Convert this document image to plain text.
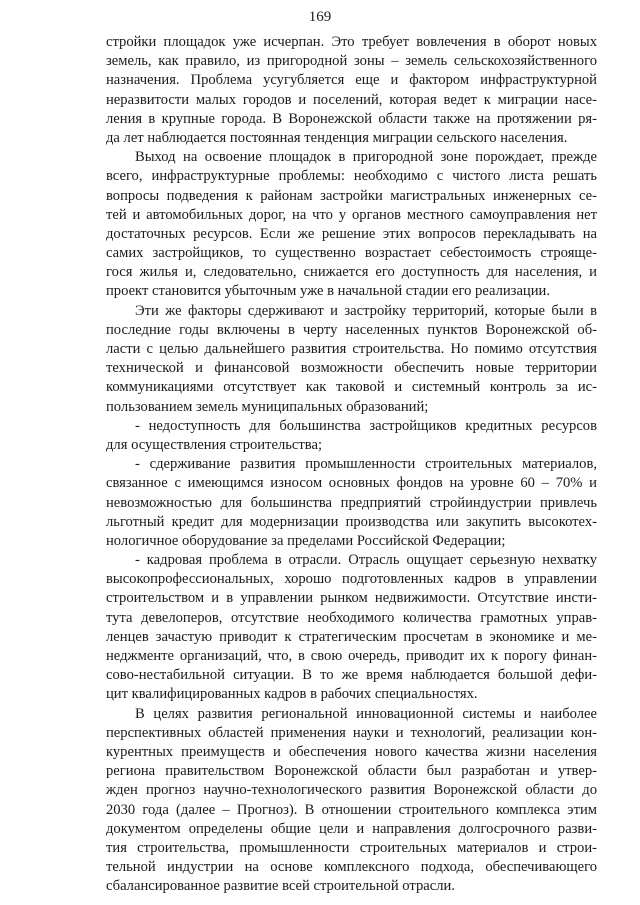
169
стройки площадок уже исчерпан. Это требует вовлечения в оборот новых
земель, как правило, из пригородной зоны – земель сельскохозяйственного
назначения. Проблема усугубляется еще и фактором инфраструктурной
неразвитости малых городов и поселений, которая ведет к миграции насе-
ления в крупные города. В Воронежской области также на протяжении ря-
да лет наблюдается постоянная тенденция миграции сельского населения.
Выход на освоение площадок в пригородной зоне порождает, прежде
всего, инфраструктурные проблемы: необходимо с чистого листа решать
вопросы подведения к районам застройки магистральных инженерных се-
тей и автомобильных дорог, на что у органов местного самоуправления нет
достаточных ресурсов. Если же решение этих вопросов перекладывать на
самих застройщиков, то существенно возрастает себестоимость строяще-
гося жилья и, следовательно, снижается его доступность для населения, и
проект становится убыточным уже в начальной стадии его реализации.
Эти же факторы сдерживают и застройку территорий, которые были в
последние годы включены в черту населенных пунктов Воронежской об-
ласти с целью дальнейшего развития строительства. Но помимо отсутствия
технической и финансовой возможности обеспечить новые территории
коммуникациями отсутствует как таковой и системный контроль за ис-
пользованием земель муниципальных образований;
- недоступность для большинства застройщиков кредитных ресурсов
для осуществления строительства;
- сдерживание развития промышленности строительных материалов,
связанное с имеющимся износом основных фондов на уровне 60 – 70% и
невозможностью для большинства предприятий стройиндустрии привлечь
льготный кредит для модернизации производства или закупить высокотех-
нологичное оборудование за пределами Российской Федерации;
- кадровая проблема в отрасли. Отрасль ощущает серьезную нехватку
высокопрофессиональных, хорошо подготовленных кадров в управлении
строительством и в управлении рынком недвижимости. Отсутствие инсти-
тута девелоперов, отсутствие необходимого количества грамотных управ-
ленцев зачастую приводит к стратегическим просчетам в экономике и ме-
неджменте организаций, что, в свою очередь, приводит их к порогу финан-
сово-нестабильной ситуации. В то же время наблюдается большой дефи-
цит квалифицированных кадров в рабочих специальностях.
В целях развития региональной инновационной системы и наиболее
перспективных областей применения науки и технологий, реализации кон-
курентных преимуществ и обеспечения нового качества жизни населения
региона правительством Воронежской области был разработан и утвер-
жден прогноз научно-технологического развития Воронежской области до
2030 года (далее – Прогноз). В отношении строительного комплекса этим
документом определены общие цели и направления долгосрочного разви-
тия строительства, промышленности строительных материалов и строи-
тельной индустрии на основе комплексного подхода, обеспечивающего
сбалансированное развитие всей строительной отрасли.
